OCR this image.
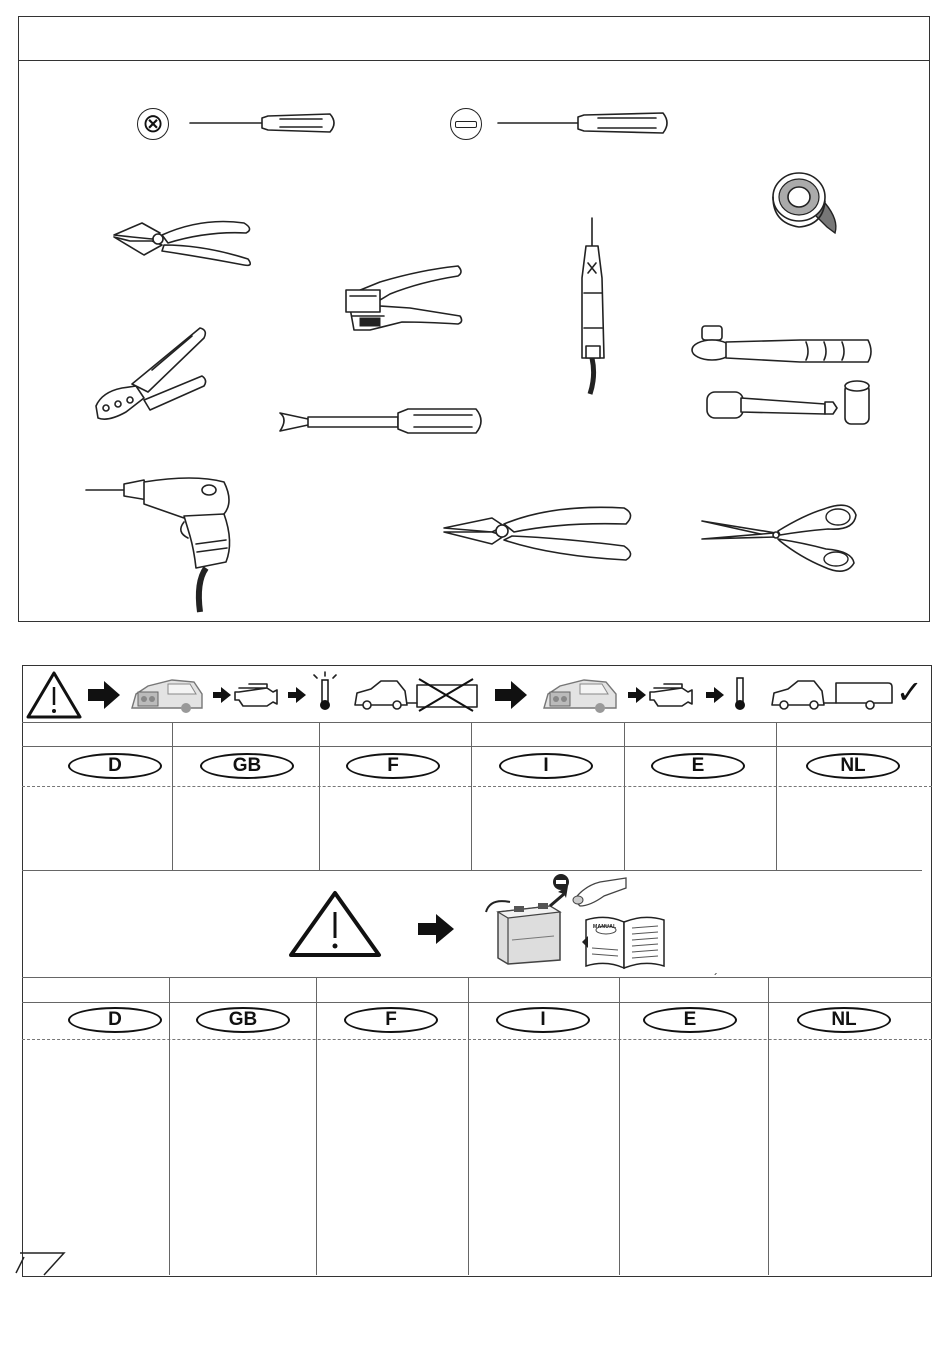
⊗
✓
D	GB	F	I	E	NL
MANUAL
´
D	GB	F	I	E	NL
